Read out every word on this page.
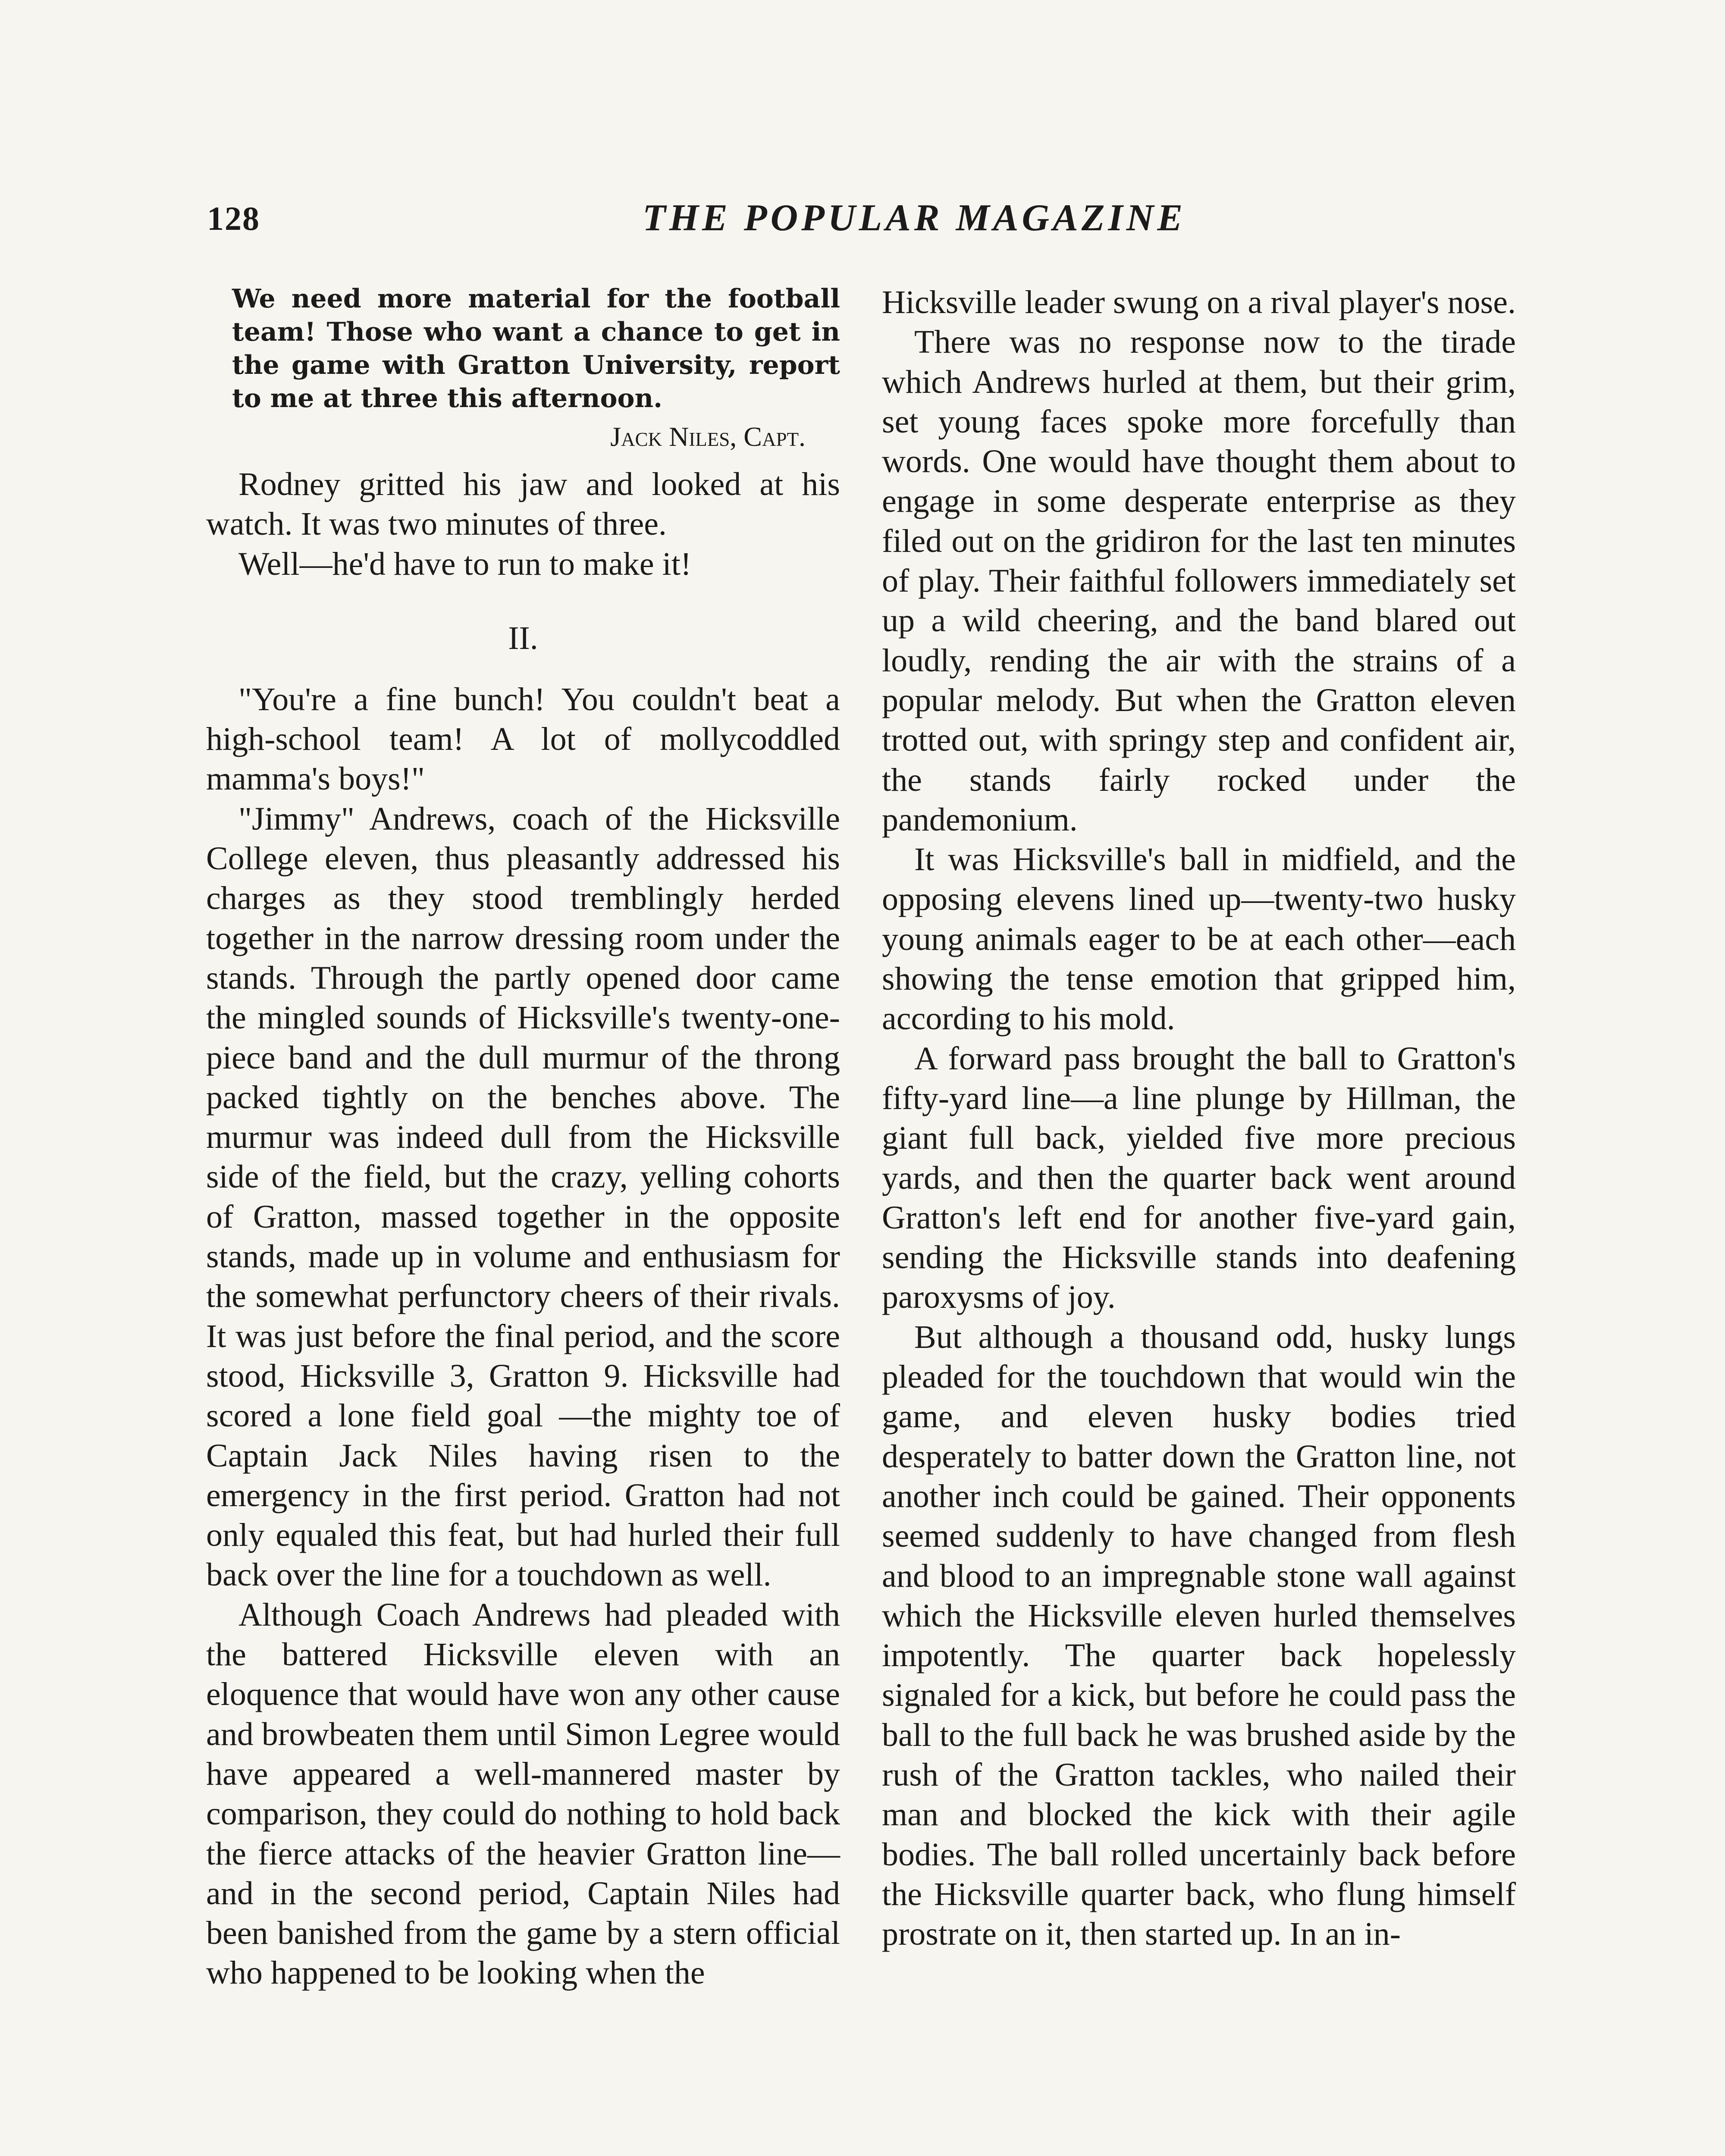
128	THE POPULAR MAGAZINE
We need more material for the football team! Those who want a chance to get in the game with Gratton University, report to me at three this afternoon.
Jack Niles, Capt.

Rodney gritted his jaw and looked at his watch. It was two minutes of three.

Well—he'd have to run to make it!

II.

"You're a fine bunch! You couldn't beat a high-school team! A lot of mollycoddled mamma's boys!"

"Jimmy" Andrews, coach of the Hicksville College eleven, thus pleasantly addressed his charges as they stood tremblingly herded together in the narrow dressing room under the stands. Through the partly opened door came the mingled sounds of Hicksville's twenty-one-piece band and the dull murmur of the throng packed tightly on the benches above. The murmur was indeed dull from the Hicksville side of the field, but the crazy, yelling cohorts of Gratton, massed together in the opposite stands, made up in volume and enthusiasm for the somewhat perfunctory cheers of their rivals. It was just before the final period, and the score stood, Hicksville 3, Gratton 9. Hicksville had scored a lone field goal —the mighty toe of Captain Jack Niles having risen to the emergency in the first period. Gratton had not only equaled this feat, but had hurled their full back over the line for a touchdown as well.

Although Coach Andrews had pleaded with the battered Hicksville eleven with an eloquence that would have won any other cause and browbeaten them until Simon Legree would have appeared a well-mannered master by comparison, they could do nothing to hold back the fierce attacks of the heavier Gratton line—and in the second period, Captain Niles had been banished from the game by a stern official who happened to be looking when the

Hicksville leader swung on a rival player's nose.

There was no response now to the tirade which Andrews hurled at them, but their grim, set young faces spoke more forcefully than words. One would have thought them about to engage in some desperate enterprise as they filed out on the gridiron for the last ten minutes of play. Their faithful followers immediately set up a wild cheering, and the band blared out loudly, rending the air with the strains of a popular melody. But when the Gratton eleven trotted out, with springy step and confident air, the stands fairly rocked under the pandemonium.

It was Hicksville's ball in midfield, and the opposing elevens lined up—twenty-two husky young animals eager to be at each other—each showing the tense emotion that gripped him, according to his mold.

A forward pass brought the ball to Gratton's fifty-yard line—a line plunge by Hillman, the giant full back, yielded five more precious yards, and then the quarter back went around Gratton's left end for another five-yard gain, sending the Hicksville stands into deafening paroxysms of joy.

But although a thousand odd, husky lungs pleaded for the touchdown that would win the game, and eleven husky bodies tried desperately to batter down the Gratton line, not another inch could be gained. Their opponents seemed suddenly to have changed from flesh and blood to an impregnable stone wall against which the Hicksville eleven hurled themselves impotently. The quarter back hopelessly signaled for a kick, but before he could pass the ball to the full back he was brushed aside by the rush of the Gratton tackles, who nailed their man and blocked the kick with their agile bodies. The ball rolled uncertainly back before the Hicksville quarter back, who flung himself prostrate on it, then started up. In an in-
